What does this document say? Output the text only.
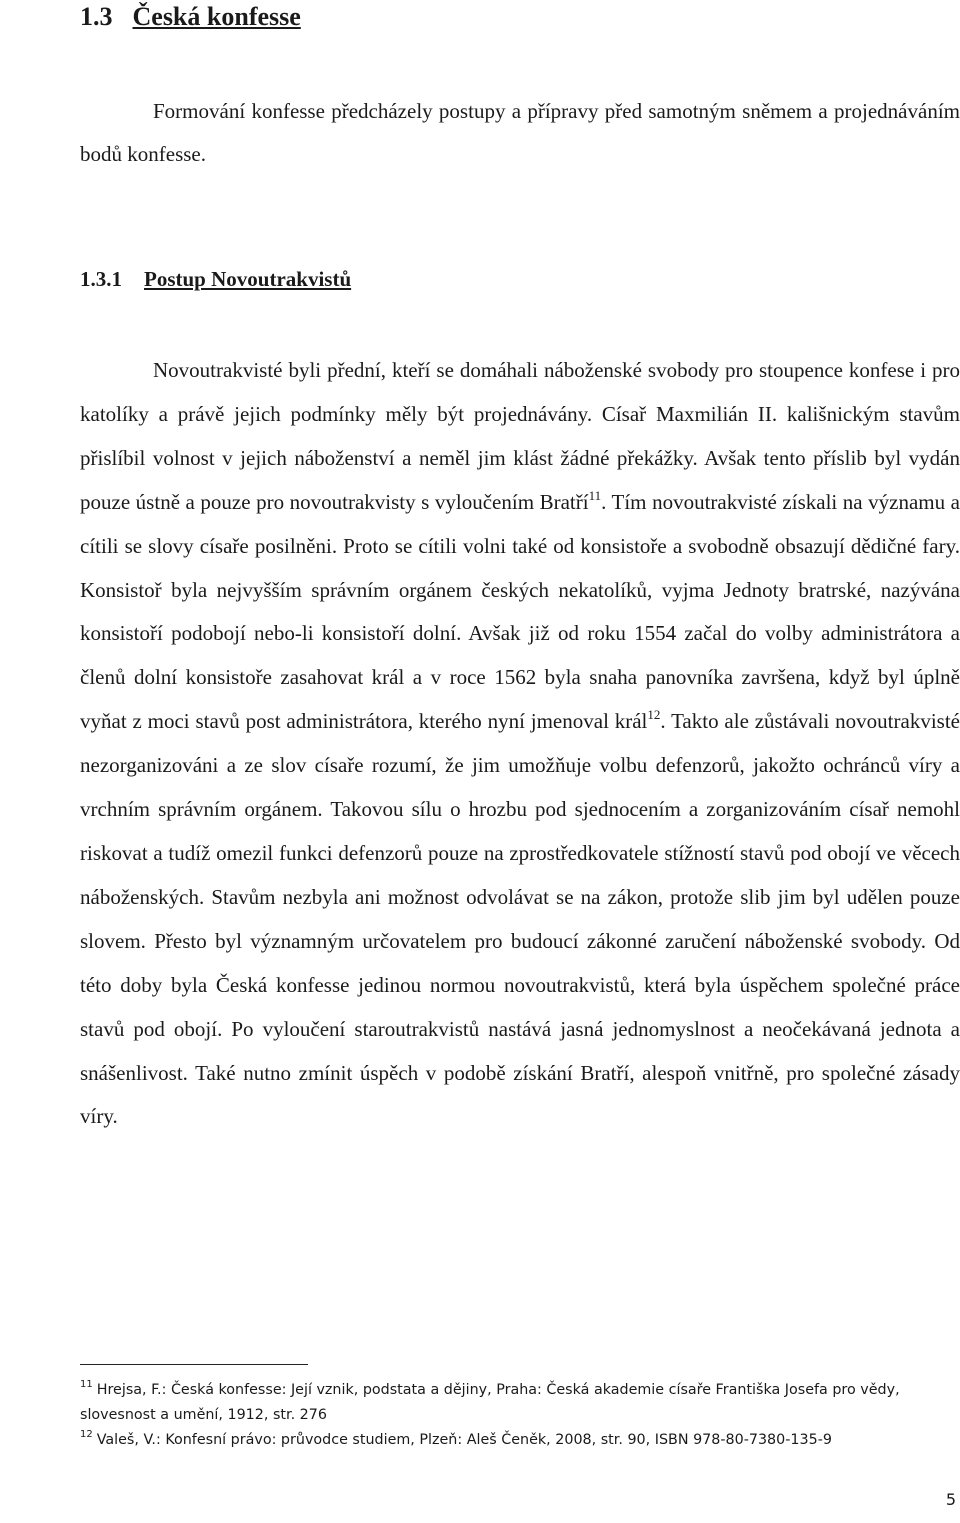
1.3 Česká konfesse

Formování konfesse předcházely postupy a přípravy před samotným sněmem a projednáváním bodů konfesse.

1.3.1 Postup Novoutrakvistů

Novoutrakvisté byli přední, kteří se domáhali náboženské svobody pro stoupence konfese i pro katolíky a právě jejich podmínky měly být projednávány. Císař Maxmilián II. kališnickým stavům přislíbil volnost v jejich náboženství a neměl jim klást žádné překážky. Avšak tento příslib byl vydán pouze ústně a pouze pro novoutrakvisty s vyloučením Bratří$^{11}$. Tím novoutrakvisté získali na významu a cítili se slovy císaře posilněni. Proto se cítili volni také od konsistoře a svobodně obsazují dědičné fary. Konsistoř byla nejvyšším správním orgánem českých nekatolíků, vyjma Jednoty bratrské, nazývána konsistoří podobojí nebo-li konsistoří dolní. Avšak již od roku 1554 začal do volby administrátora a členů dolní konsistoře zasahovat král a v roce 1562 byla snaha panovníka završena, když byl úplně vyňat z moci stavů post administrátora, kterého nyní jmenoval král$^{12}$. Takto ale zůstávali novoutrakvisté nezorganizováni a ze slov císaře rozumí, že jim umožňuje volbu defenzorů, jakožto ochránců víry a vrchním správním orgánem. Takovou sílu o hrozbu pod sjednocením a zorganizováním císař nemohl riskovat a tudíž omezil funkci defenzorů pouze na zprostředkovatele stížností stavů pod obojí ve věcech náboženských. Stavům nezbyla ani možnost odvolávat se na zákon, protože slib jim byl udělen pouze slovem. Přesto byl významným určovatelem pro budoucí zákonné zaručení náboženské svobody. Od této doby byla Česká konfesse jedinou normou novoutrakvistů, která byla úspěchem společné práce stavů pod obojí. Po vyloučení staroutrakvistů nastává jasná jednomyslnost a neočekávaná jednota a snášenlivost. Také nutno zmínit úspěch v podobě získání Bratří, alespoň vnitřně, pro společné zásady víry.

$^{11}$ Hrejsa, F.: Česká konfesse: Její vznik, podstata a dějiny, Praha: Česká akademie císaře Františka Josefa pro vědy, slovesnost a umění, 1912, str. 276

$^{12}$ Valeš, V.: Konfesní právo: průvodce studiem, Plzeň: Aleš Čeněk, 2008, str. 90, ISBN 978-80-7380-135-9

5
